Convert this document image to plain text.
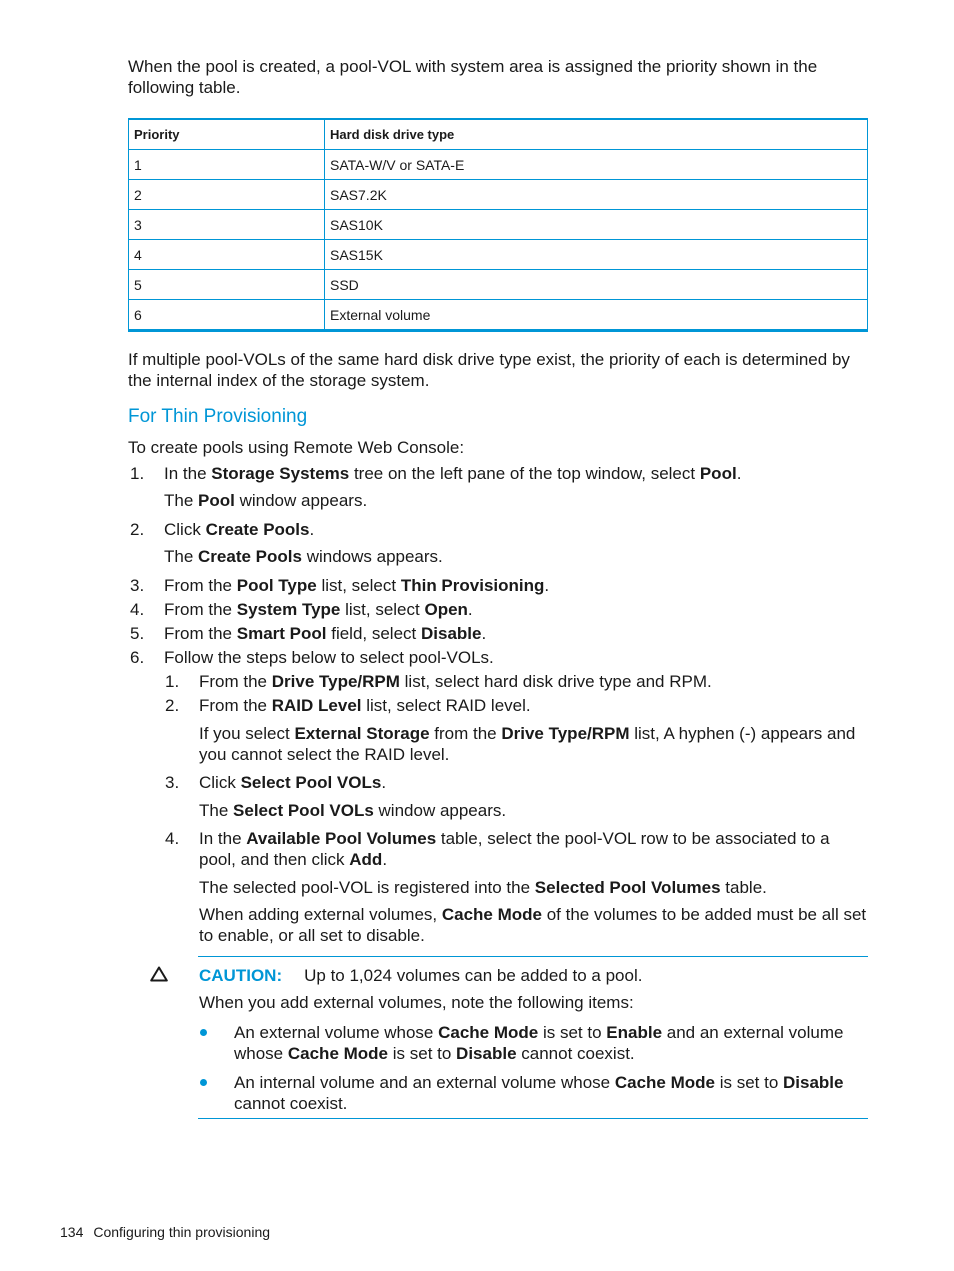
When the pool is created, a pool-VOL with system area is assigned the priority shown in the following table.

Priority	Hard disk drive type
1	SATA-W/V or SATA-E
2	SAS7.2K
3	SAS10K
4	SAS15K
5	SSD
6	External volume

If multiple pool-VOLs of the same hard disk drive type exist, the priority of each is determined by the internal index of the storage system.

For Thin Provisioning

To create pools using Remote Web Console:

1. In the Storage Systems tree on the left pane of the top window, select Pool.
The Pool window appears.
2. Click Create Pools.
The Create Pools windows appears.
3. From the Pool Type list, select Thin Provisioning.
4. From the System Type list, select Open.
5. From the Smart Pool field, select Disable.
6. Follow the steps below to select pool-VOLs.
1. From the Drive Type/RPM list, select hard disk drive type and RPM.
2. From the RAID Level list, select RAID level.
If you select External Storage from the Drive Type/RPM list, A hyphen (-) appears and you cannot select the RAID level.
3. Click Select Pool VOLs.
The Select Pool VOLs window appears.
4. In the Available Pool Volumes table, select the pool-VOL row to be associated to a pool, and then click Add.
The selected pool-VOL is registered into the Selected Pool Volumes table.
When adding external volumes, Cache Mode of the volumes to be added must be all set to enable, or all set to disable.
CAUTION: Up to 1,024 volumes can be added to a pool.
When you add external volumes, note the following items:
An external volume whose Cache Mode is set to Enable and an external volume whose Cache Mode is set to Disable cannot coexist.
An internal volume and an external volume whose Cache Mode is set to Disable cannot coexist.
134 Configuring thin provisioning
